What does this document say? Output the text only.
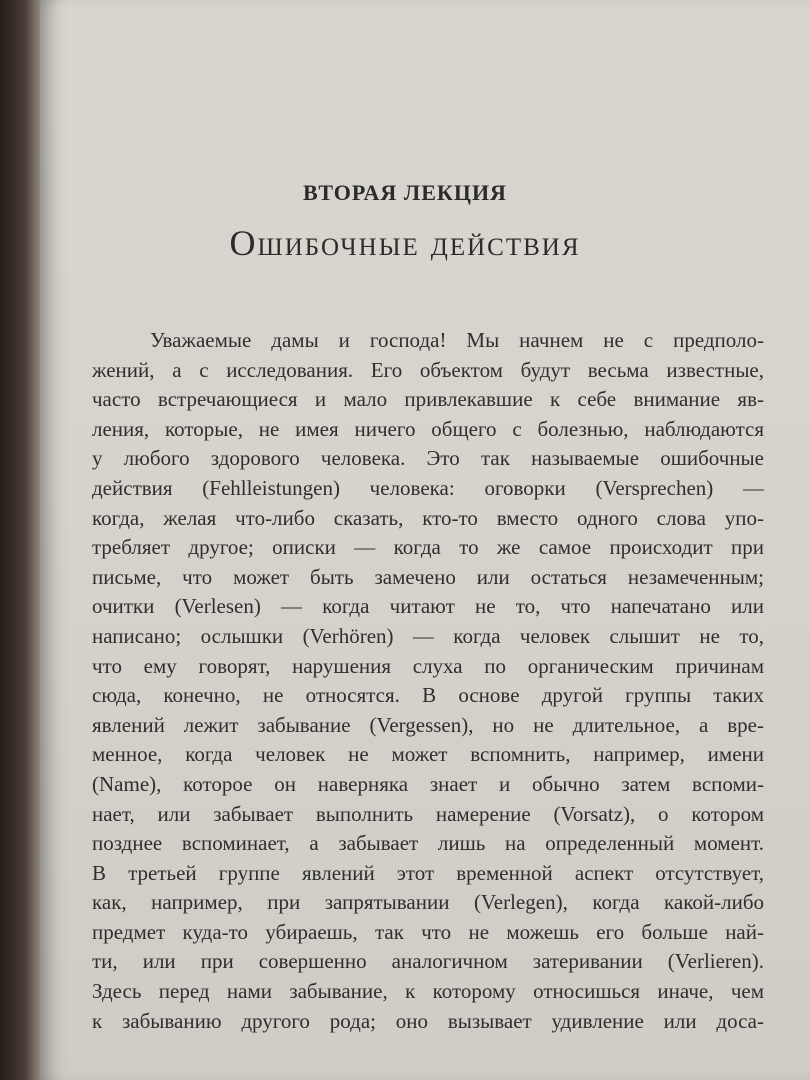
ВТОРАЯ ЛЕКЦИЯ
Ошибочные действия
Уважаемые дамы и господа! Мы начнем не с предполо-
жений, а с исследования. Его объектом будут весьма известные,
часто встречающиеся и мало привлекавшие к себе внимание яв-
ления, которые, не имея ничего общего с болезнью, наблюдаются
у любого здорового человека. Это так называемые ошибочные
действия (Fehlleistungen) человека: оговорки (Versprechen) —
когда, желая что-либо сказать, кто-то вместо одного слова упо-
требляет другое; описки — когда то же самое происходит при
письме, что может быть замечено или остаться незамеченным;
очитки (Verlesen) — когда читают не то, что напечатано или
написано; ослышки (Verhören) — когда человек слышит не то,
что ему говорят, нарушения слуха по органическим причинам
сюда, конечно, не относятся. В основе другой группы таких
явлений лежит забывание (Vergessen), но не длительное, а вре-
менное, когда человек не может вспомнить, например, имени
(Name), которое он наверняка знает и обычно затем вспоми-
нает, или забывает выполнить намерение (Vorsatz), о котором
позднее вспоминает, а забывает лишь на определенный момент.
В третьей группе явлений этот временной аспект отсутствует,
как, например, при запрятывании (Verlegen), когда какой-либо
предмет куда-то убираешь, так что не можешь его больше най-
ти, или при совершенно аналогичном затеривании (Verlieren).
Здесь перед нами забывание, к которому относишься иначе, чем
к забыванию другого рода; оно вызывает удивление или доса-
